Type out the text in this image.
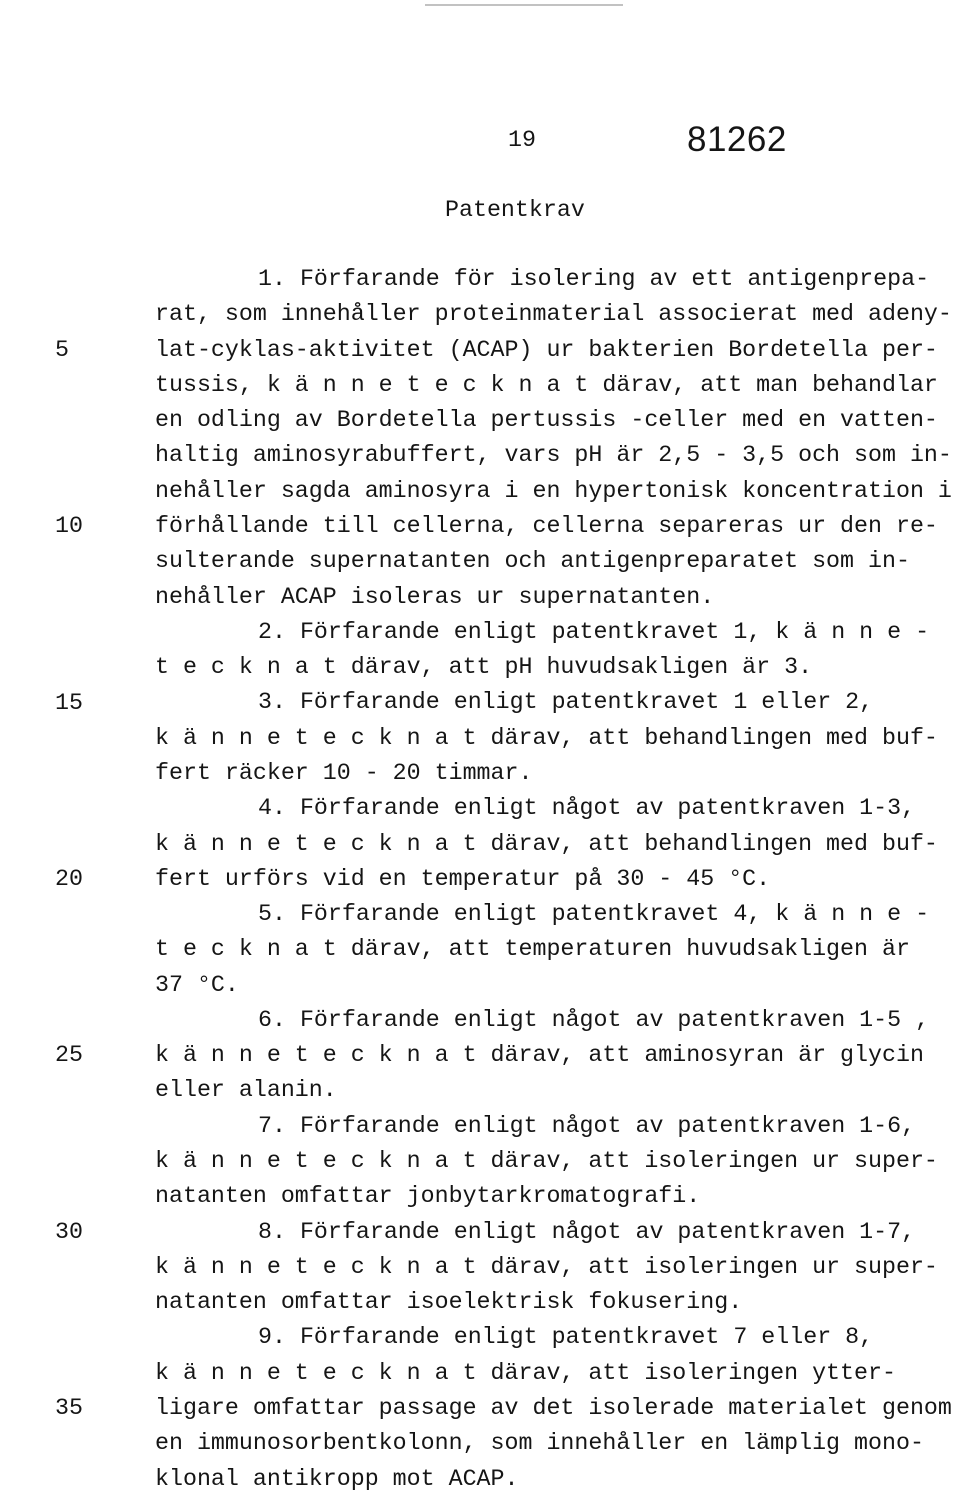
19	81262
Patentkrav
5
10
15
20
25
30
35
1. Förfarande för isolering av ett antigenprepa-
rat, som innehåller proteinmaterial associerat med adeny-
lat-cyklas-aktivitet (ACAP) ur bakterien Bordetella per-
tussis, k ä n n e t e c k n a t därav, att man behandlar
en odling av Bordetella pertussis -celler med en vatten-
haltig aminosyrabuffert, vars pH är 2,5 - 3,5 och som in-
nehåller sagda aminosyra i en hypertonisk koncentration i
förhållande till cellerna, cellerna separeras ur den re-
sulterande supernatanten och antigenpreparatet som in-
nehåller ACAP isoleras ur supernatanten.
2. Förfarande enligt patentkravet 1, k ä n n e -
t e c k n a t därav, att pH huvudsakligen är 3.
3. Förfarande enligt patentkravet 1 eller 2,
k ä n n e t e c k n a t därav, att behandlingen med buf-
fert räcker 10 - 20 timmar.
4. Förfarande enligt något av patentkraven 1-3,
k ä n n e t e c k n a t därav, att behandlingen med buf-
fert urförs vid en temperatur på 30 - 45 °C.
5. Förfarande enligt patentkravet 4, k ä n n e -
t e c k n a t därav, att temperaturen huvudsakligen är
37 °C.
6. Förfarande enligt något av patentkraven 1-5 ,
k ä n n e t e c k n a t därav, att aminosyran är glycin
eller alanin.
7. Förfarande enligt något av patentkraven 1-6,
k ä n n e t e c k n a t därav, att isoleringen ur super-
natanten omfattar jonbytarkromatografi.
8. Förfarande enligt något av patentkraven 1-7,
k ä n n e t e c k n a t därav, att isoleringen ur super-
natanten omfattar isoelektrisk fokusering.
9. Förfarande enligt patentkravet 7 eller 8,
k ä n n e t e c k n a t därav, att isoleringen ytter-
ligare omfattar passage av det isolerade materialet genom
en immunosorbentkolonn, som innehåller en lämplig mono-
klonal antikropp mot ACAP.
